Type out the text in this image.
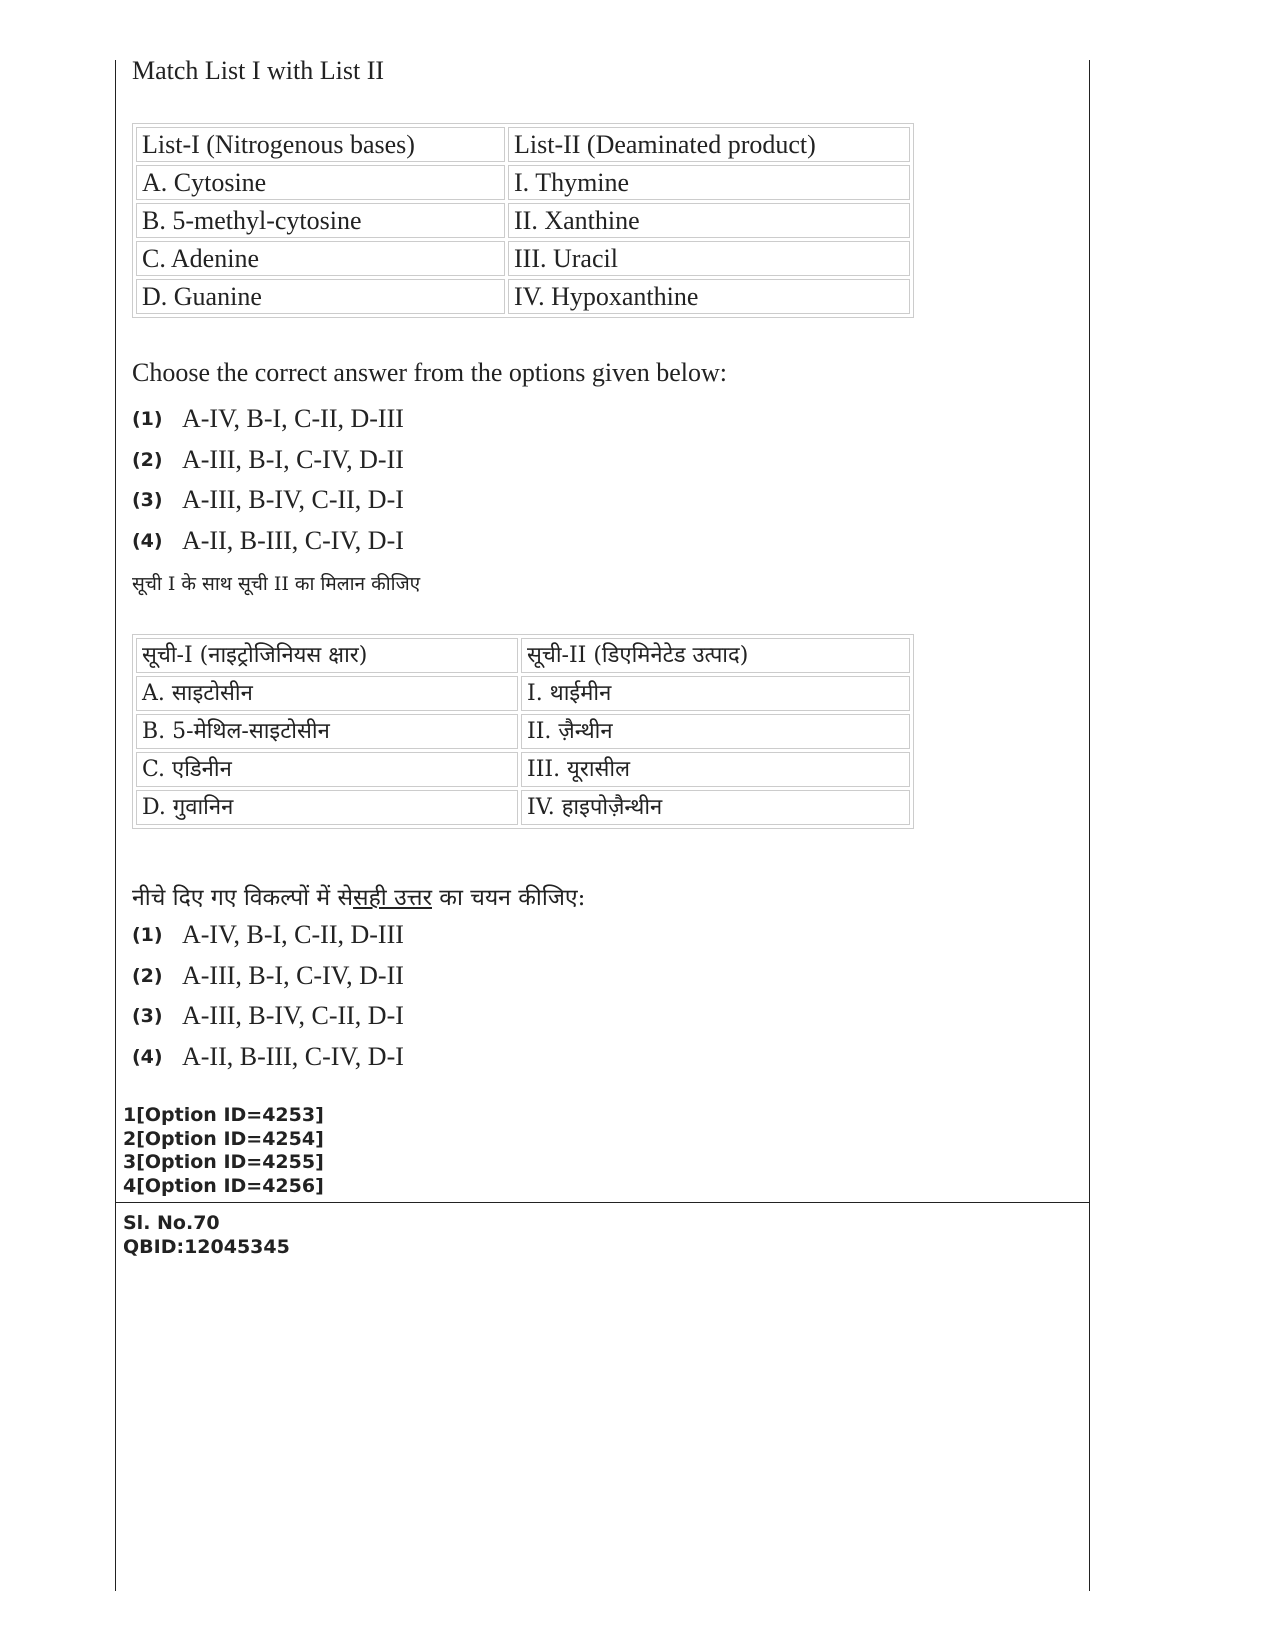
Match List I with List II
List-I (Nitrogenous bases)	List-II (Deaminated product)
A. Cytosine	I. Thymine
B. 5-methyl-cytosine	II. Xanthine
C. Adenine	III. Uracil
D. Guanine	IV. Hypoxanthine
Choose the correct answer from the options given below:
(1) A-IV, B-I, C-II, D-III
(2) A-III, B-I, C-IV, D-II
(3) A-III, B-IV, C-II, D-I
(4) A-II, B-III, C-IV, D-I
सूची I के साथ सूची II का मिलान कीजिए
सूची-I (नाइट्रोजिनियस क्षार)	सूची-II (डिएमिनेटेड उत्पाद)
A. साइटोसीन	I. थाईमीन
B. 5-मेथिल-साइटोसीन	II. ज़ैन्थीन
C. एडिनीन	III. यूरासील
D. गुवानिन	IV. हाइपोज़ैन्थीन
नीचे दिए गए विकल्पों में सेसही उत्तर का चयन कीजिए:
(1) A-IV, B-I, C-II, D-III
(2) A-III, B-I, C-IV, D-II
(3) A-III, B-IV, C-II, D-I
(4) A-II, B-III, C-IV, D-I
1[Option ID=4253]
2[Option ID=4254]
3[Option ID=4255]
4[Option ID=4256]
Sl. No.70
QBID:12045345
